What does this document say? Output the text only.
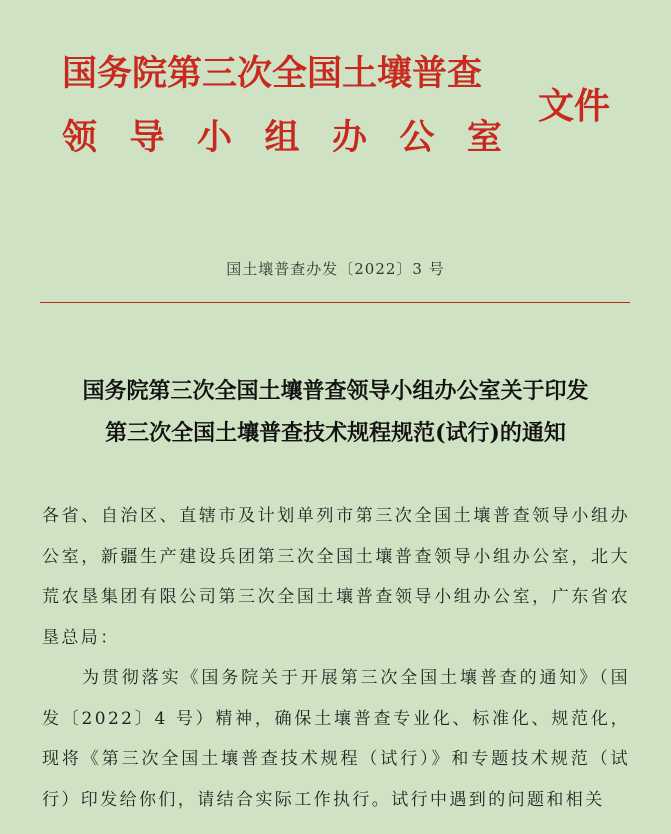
国务院第三次全国土壤普查
领 导 小 组 办 公 室
文件
国土壤普查办发〔2022〕3 号
国务院第三次全国土壤普查领导小组办公室关于印发
第三次全国土壤普查技术规程规范(试行)的通知

各省、自治区、直辖市及计划单列市第三次全国土壤普查领导小组办公室，新疆生产建设兵团第三次全国土壤普查领导小组办公室，北大荒农垦集团有限公司第三次全国土壤普查领导小组办公室，广东省农垦总局：

为贯彻落实《国务院关于开展第三次全国土壤普查的通知》（国发〔2022〕4 号）精神，确保土壤普查专业化、标准化、规范化，现将《第三次全国土壤普查技术规程（试行）》和专题技术规范（试行）印发给你们，请结合实际工作执行。试行中遇到的问题和相关
